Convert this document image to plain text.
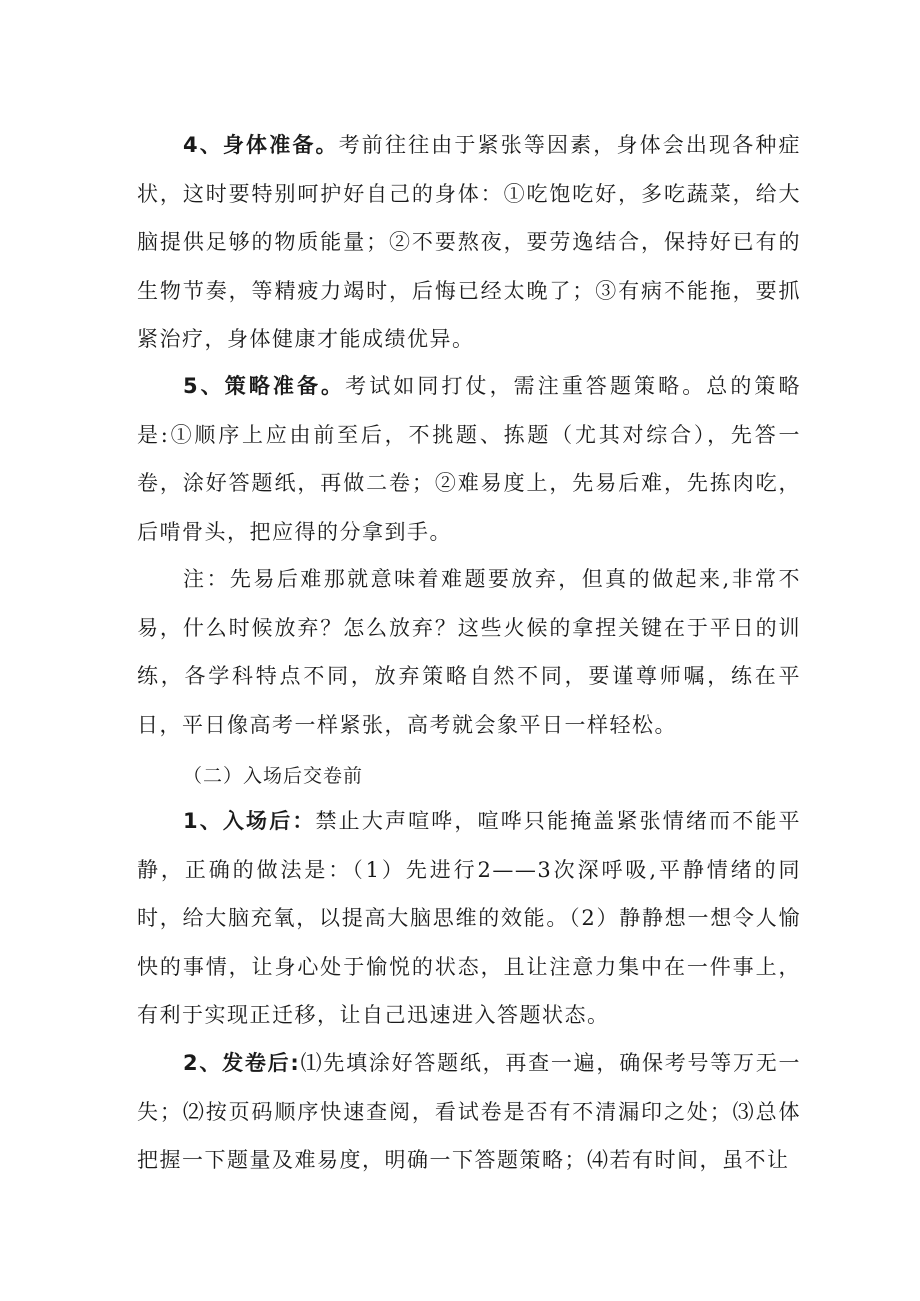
4、身体准备。考前往往由于紧张等因素，身体会出现各种症状，这时要特别呵护好自己的身体：①吃饱吃好，多吃蔬菜，给大脑提供足够的物质能量；②不要熬夜，要劳逸结合，保持好已有的生物节奏，等精疲力竭时，后悔已经太晚了；③有病不能拖，要抓紧治疗，身体健康才能成绩优异。

5、策略准备。考试如同打仗，需注重答题策略。总的策略是:①顺序上应由前至后，不挑题、拣题（尤其对综合），先答一卷，涂好答题纸，再做二卷；②难易度上，先易后难，先拣肉吃，后啃骨头，把应得的分拿到手。

注：先易后难那就意味着难题要放弃，但真的做起来,非常不易，什么时候放弃？怎么放弃？这些火候的拿捏关键在于平日的训练，各学科特点不同，放弃策略自然不同，要谨尊师嘱，练在平日，平日像高考一样紧张，高考就会象平日一样轻松。

（二）入场后交卷前

1、入场后：禁止大声喧哗，喧哗只能掩盖紧张情绪而不能平静，正确的做法是：（1）先进行2——3次深呼吸,平静情绪的同时，给大脑充氧，以提高大脑思维的效能。（2）静静想一想令人愉快的事情，让身心处于愉悦的状态，且让注意力集中在一件事上，有利于实现正迁移，让自己迅速进入答题状态。

2、发卷后:⑴先填涂好答题纸，再查一遍，确保考号等万无一失；⑵按页码顺序快速查阅，看试卷是否有不清漏印之处；⑶总体把握一下题量及难易度，明确一下答题策略；⑷若有时间，虽不让
